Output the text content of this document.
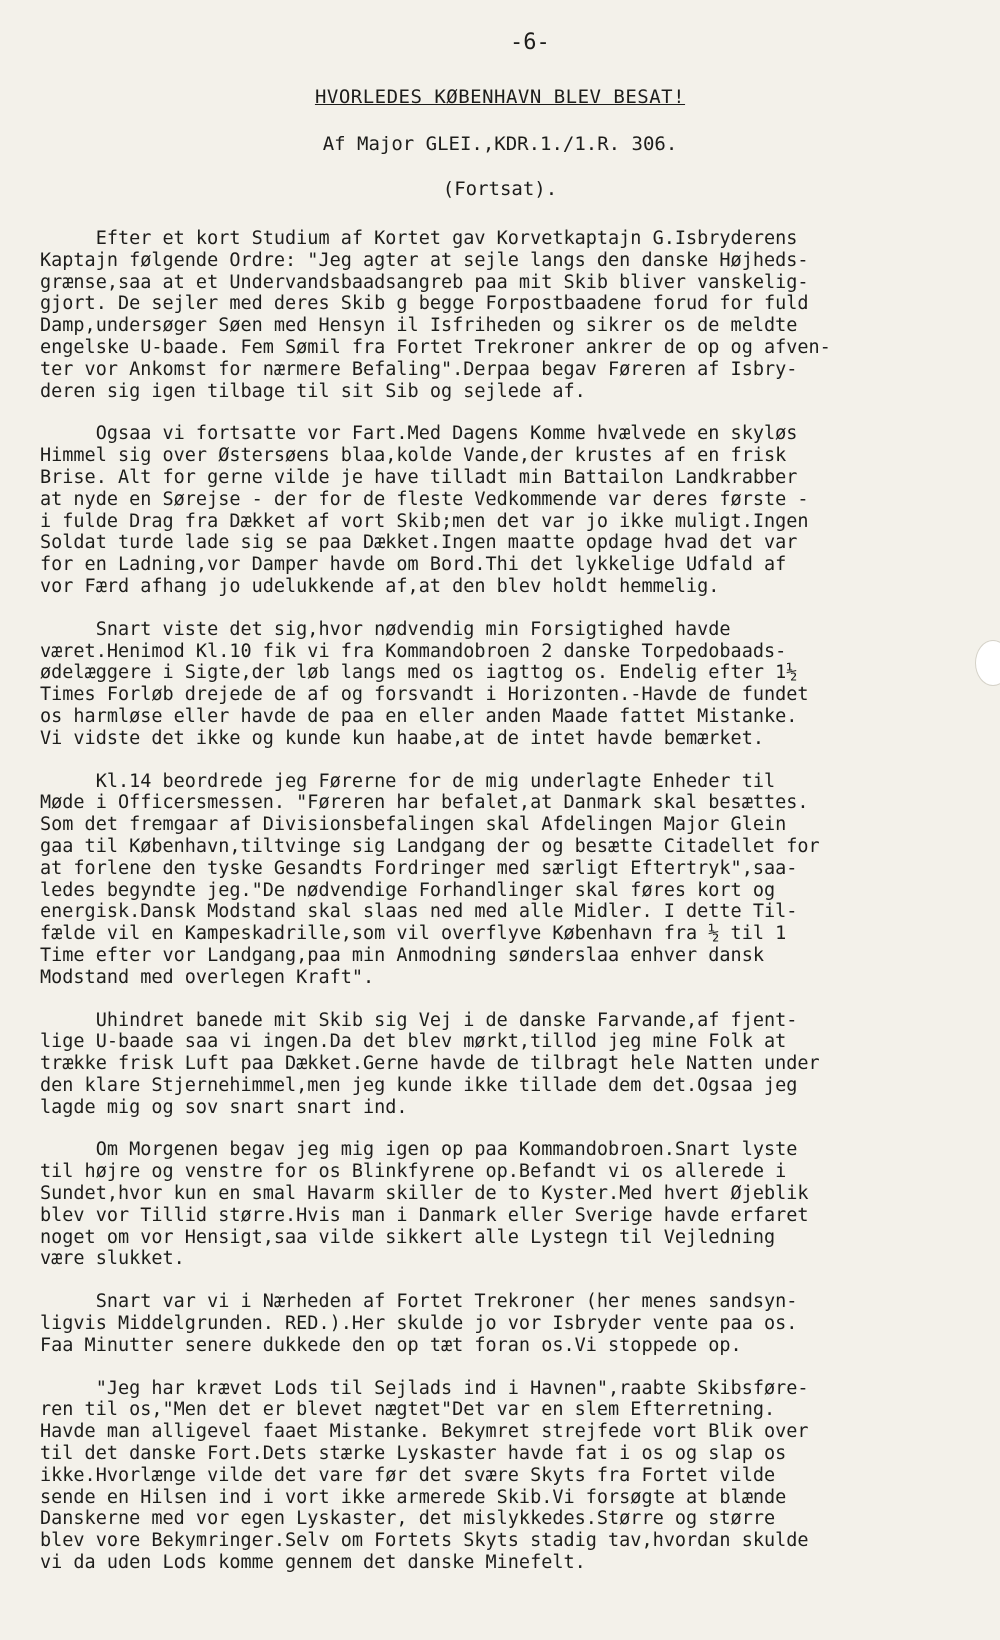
-6-
HVORLEDES KØBENHAVN BLEV BESAT!
Af Major GLEI.,KDR.1./1.R. 306.
(Fortsat).
Efter et kort Studium af Kortet gav Korvetkaptajn G.Isbryderens
Kaptajn følgende Ordre: "Jeg agter at sejle langs den danske Højheds-
grænse,saa at et Undervandsbaadsangreb paa mit Skib bliver vanskelig-
gjort. De sejler med deres Skib g begge Forpostbaadene forud for fuld
Damp,undersøger Søen med Hensyn il Isfriheden og sikrer os de meldte
engelske U-baade. Fem Sømil fra Fortet Trekroner ankrer de op og afven-
ter vor Ankomst for nærmere Befaling".Derpaa begav Føreren af Isbry-
deren sig igen tilbage til sit Sib og sejlede af.
Ogsaa vi fortsatte vor Fart.Med Dagens Komme hvælvede en skyløs
Himmel sig over Østersøens blaa,kolde Vande,der krustes af en frisk
Brise. Alt for gerne vilde je have tilladt min Battailon Landkrabber
at nyde en Sørejse - der for de fleste Vedkommende var deres første -
i fulde Drag fra Dækket af vort Skib;men det var jo ikke muligt.Ingen
Soldat turde lade sig se paa Dækket.Ingen maatte opdage hvad det var
for en Ladning,vor Damper havde om Bord.Thi det lykkelige Udfald af
vor Færd afhang jo udelukkende af,at den blev holdt hemmelig.
Snart viste det sig,hvor nødvendig min Forsigtighed havde
været.Henimod Kl.10 fik vi fra Kommandobroen 2 danske Torpedobaads-
ødelæggere i Sigte,der løb langs med os iagttog os. Endelig efter 1½
Times Forløb drejede de af og forsvandt i Horizonten.-Havde de fundet
os harmløse eller havde de paa en eller anden Maade fattet Mistanke.
Vi vidste det ikke og kunde kun haabe,at de intet havde bemærket.
Kl.14 beordrede jeg Førerne for de mig underlagte Enheder til
Møde i Officersmessen. "Føreren har befalet,at Danmark skal besættes.
Som det fremgaar af Divisionsbefalingen skal Afdelingen Major Glein
gaa til København,tiltvinge sig Landgang der og besætte Citadellet for
at forlene den tyske Gesandts Fordringer med særligt Eftertryk",saa-
ledes begyndte jeg."De nødvendige Forhandlinger skal føres kort og
energisk.Dansk Modstand skal slaas ned med alle Midler. I dette Til-
fælde vil en Kampeskadrille,som vil overflyve København fra ½ til 1
Time efter vor Landgang,paa min Anmodning sønderslaa enhver dansk
Modstand med overlegen Kraft".
Uhindret banede mit Skib sig Vej i de danske Farvande,af fjent-
lige U-baade saa vi ingen.Da det blev mørkt,tillod jeg mine Folk at
trække frisk Luft paa Dækket.Gerne havde de tilbragt hele Natten under
den klare Stjernehimmel,men jeg kunde ikke tillade dem det.Ogsaa jeg
lagde mig og sov snart snart ind.
Om Morgenen begav jeg mig igen op paa Kommandobroen.Snart lyste
til højre og venstre for os Blinkfyrene op.Befandt vi os allerede i
Sundet,hvor kun en smal Havarm skiller de to Kyster.Med hvert Øjeblik
blev vor Tillid større.Hvis man i Danmark eller Sverige havde erfaret
noget om vor Hensigt,saa vilde sikkert alle Lystegn til Vejledning
være slukket.
Snart var vi i Nærheden af Fortet Trekroner (her menes sandsyn-
ligvis Middelgrunden. RED.).Her skulde jo vor Isbryder vente paa os.
Faa Minutter senere dukkede den op tæt foran os.Vi stoppede op.
"Jeg har krævet Lods til Sejlads ind i Havnen",raabte Skibsføre-
ren til os,"Men det er blevet nægtet"Det var en slem Efterretning.
Havde man alligevel faaet Mistanke. Bekymret strejfede vort Blik over
til det danske Fort.Dets stærke Lyskaster havde fat i os og slap os
ikke.Hvorlænge vilde det vare før det svære Skyts fra Fortet vilde
sende en Hilsen ind i vort ikke armerede Skib.Vi forsøgte at blænde
Danskerne med vor egen Lyskaster, det mislykkedes.Større og større
blev vore Bekymringer.Selv om Fortets Skyts stadig tav,hvordan skulde
vi da uden Lods komme gennem det danske Minefelt.
